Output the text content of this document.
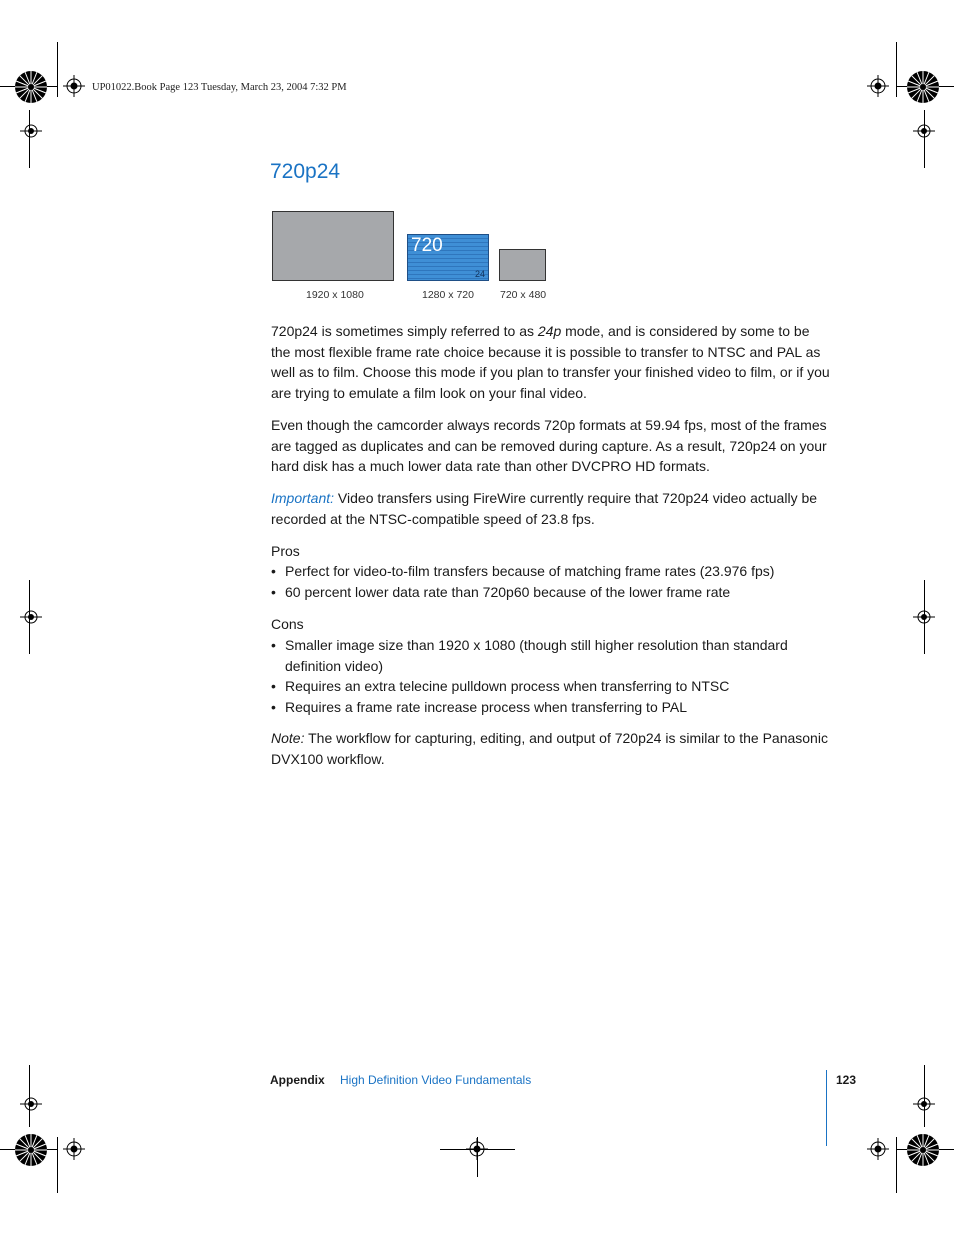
UP01022.Book Page 123 Tuesday, March 23, 2004 7:32 PM
720p24
720
24
1920 x 1080	1280 x 720 720 x 480

720p24 is sometimes simply referred to as 24p mode, and is considered by some to be the most flexible frame rate choice because it is possible to transfer to NTSC and PAL as well as to film. Choose this mode if you plan to transfer your finished video to film, or if you are trying to emulate a film look on your final video.

Even though the camcorder always records 720p formats at 59.94 fps, most of the frames are tagged as duplicates and can be removed during capture. As a result, 720p24 on your hard disk has a much lower data rate than other DVCPRO HD formats.

Important: Video transfers using FireWire currently require that 720p24 video actually be recorded at the NTSC-compatible speed of 23.8 fps.

Pros

• Perfect for video-to-film transfers because of matching frame rates (23.976 fps)
• 60 percent lower data rate than 720p60 because of the lower frame rate

Cons

• Smaller image size than 1920 x 1080 (though still higher resolution than standard definition video)
• Requires an extra telecine pulldown process when transferring to NTSC
• Requires a frame rate increase process when transferring to PAL

Note: The workflow for capturing, editing, and output of 720p24 is similar to the Panasonic DVX100 workflow.

Appendix High Definition Video Fundamentals	123
